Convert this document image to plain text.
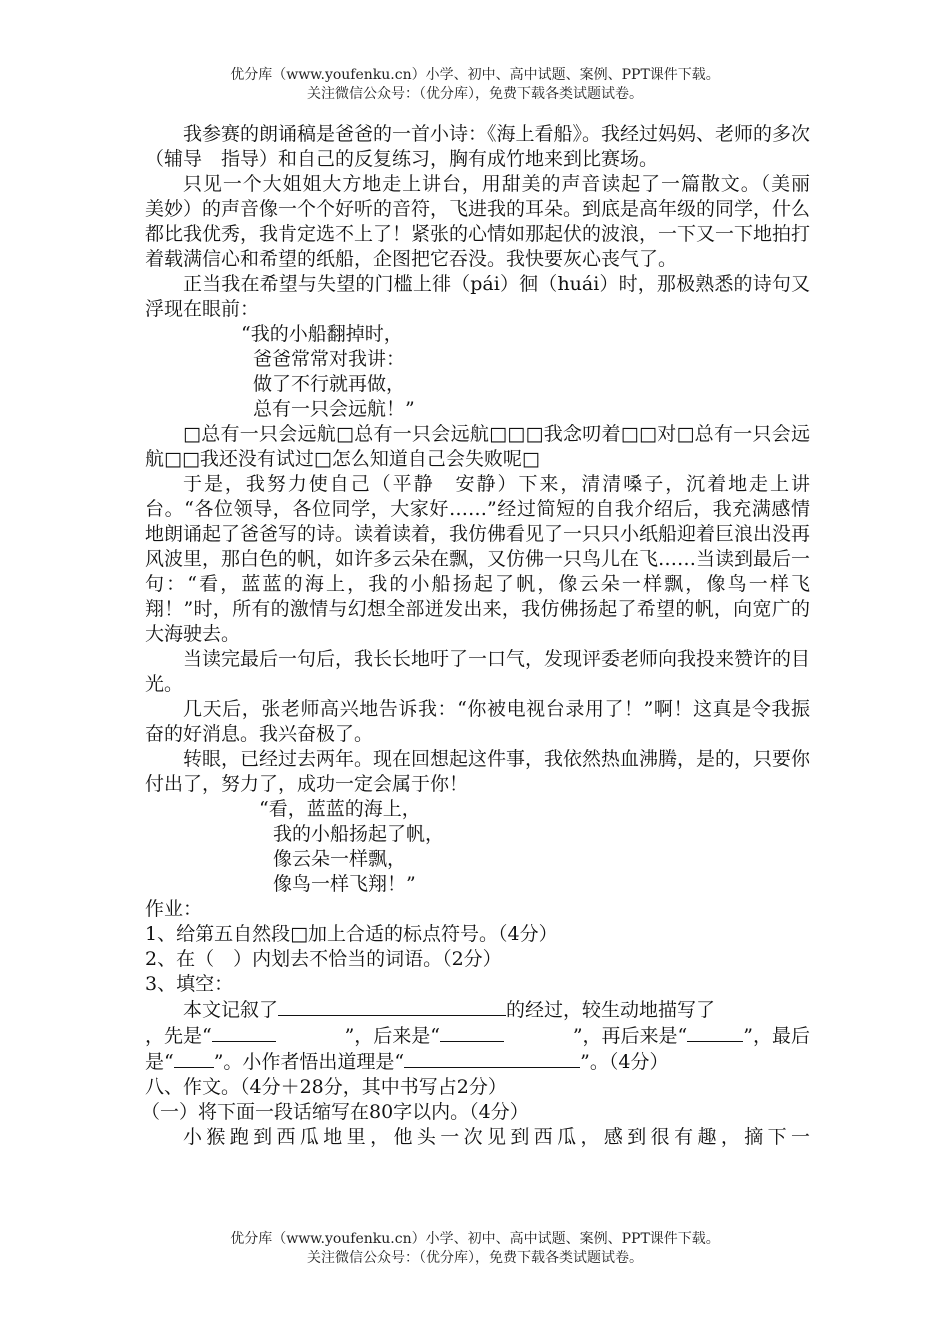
优分库（www.youfenku.cn）小学、初中、高中试题、案例、PPT课件下载。
关注微信公众号：（优分库），免费下载各类试题试卷。

我参赛的朗诵稿是爸爸的一首小诗：《海上看船》。我经过妈妈、老师的多次（辅导　指导）和自己的反复练习，胸有成竹地来到比赛场。

只见一个大姐姐大方地走上讲台，用甜美的声音读起了一篇散文。（美丽　美妙）的声音像一个个好听的音符，飞进我的耳朵。到底是高年级的同学，什么都比我优秀，我肯定选不上了！紧张的心情如那起伏的波浪，一下又一下地拍打着载满信心和希望的纸船，企图把它吞没。我快要灰心丧气了。

正当我在希望与失望的门槛上徘（pái）徊（huái）时，那极熟悉的诗句又浮现在眼前：

“我的小船翻掉时，

爸爸常常对我讲：

做了不行就再做，

总有一只会远航！”

□总有一只会远航□总有一只会远航□□□我念叨着□□对□总有一只会远航□□我还没有试过□怎么知道自己会失败呢□

于是，我努力使自己（平静　安静）下来，清清嗓子，沉着地走上讲台。“各位领导，各位同学，大家好……”经过简短的自我介绍后，我充满感情地朗诵起了爸爸写的诗。读着读着，我仿佛看见了一只只小纸船迎着巨浪出没再风波里，那白色的帆，如许多云朵在飘，又仿佛一只鸟儿在飞……当读到最后一句：“看，蓝蓝的海上，我的小船扬起了帆，像云朵一样飘，像鸟一样飞翔！”时，所有的激情与幻想全部迸发出来，我仿佛扬起了希望的帆，向宽广的大海驶去。

当读完最后一句后，我长长地吁了一口气，发现评委老师向我投来赞许的目光。

几天后，张老师高兴地告诉我：“你被电视台录用了！”啊！这真是令我振奋的好消息。我兴奋极了。

转眼，已经过去两年。现在回想起这件事，我依然热血沸腾，是的，只要你付出了，努力了，成功一定会属于你！

“看，蓝蓝的海上，

我的小船扬起了帆，

像云朵一样飘，

像鸟一样飞翔！”

作业：

1、给第五自然段□加上合适的标点符号。（4分）

2、在（　）内划去不恰当的词语。（2分）

3、填空：

本文记叙了	的经过，较生动地描写了

，先是“	”，后来是“	”，再后来是“	”，最后

是“ ”。小作者悟出道理是“	”。（4分）

八、作文。（4分＋28分，其中书写占2分）

（一）将下面一段话缩写在80字以内。（4分）

小猴跑到西瓜地里，他头一次见到西瓜，感到很有趣，摘下一

优分库（www.youfenku.cn）小学、初中、高中试题、案例、PPT课件下载。
关注微信公众号：（优分库），免费下载各类试题试卷。
